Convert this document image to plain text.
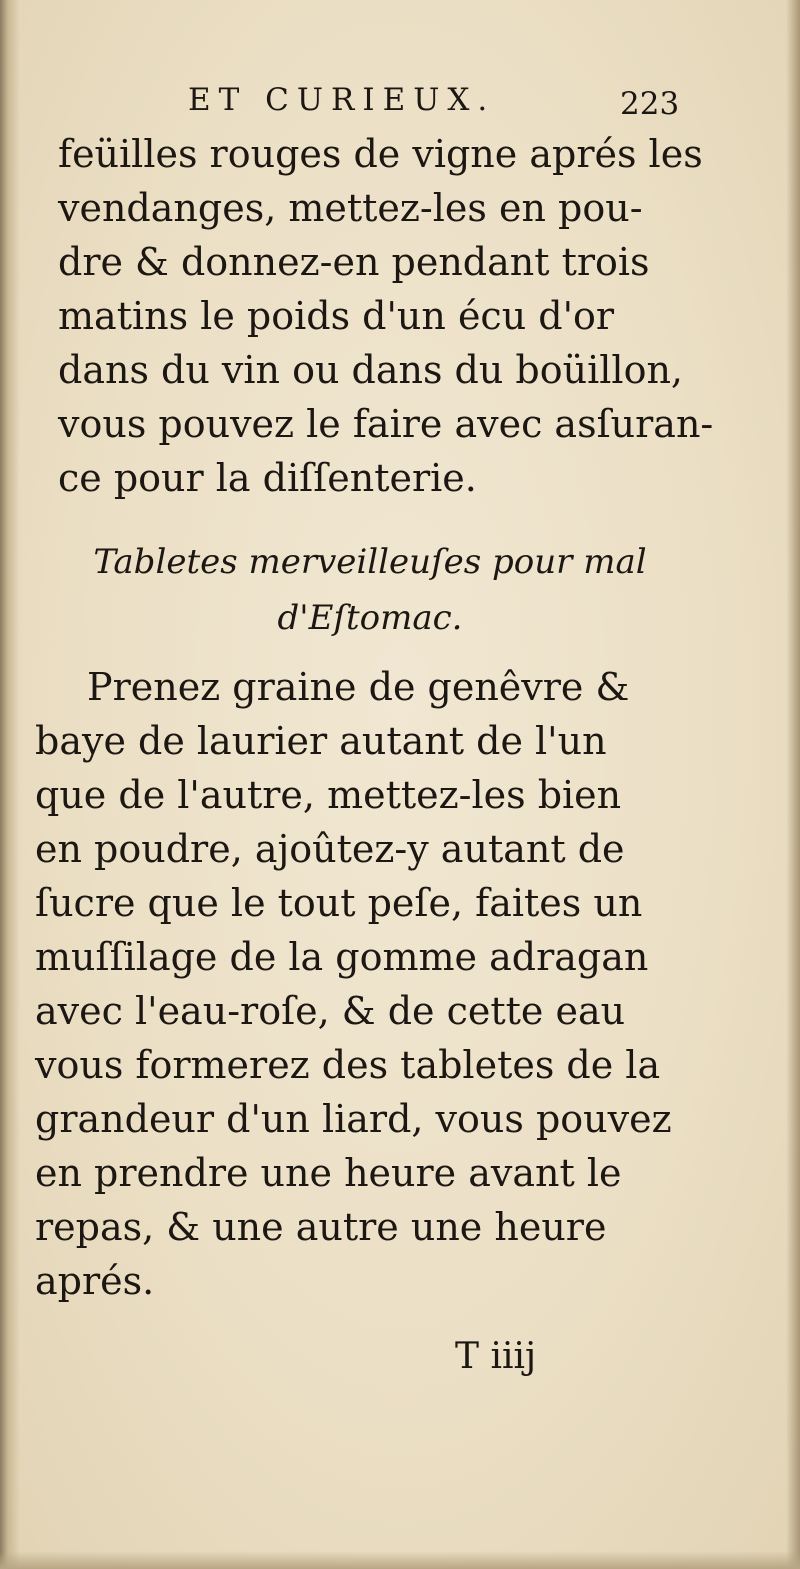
ET CURIEUX.	223
feüilles rouges de vigne aprés les
vendanges, mettez-les en pou-
dre & donnez-en pendant trois
matins le poids d'un écu d'or
dans du vin ou dans du boüillon,
vous pouvez le faire avec asſuran-
ce pour la diſſenterie.
Tabletes merveilleuſes pour mal
d'Eſtomac.
Prenez graine de genêvre &
baye de laurier autant de l'un
que de l'autre, mettez-les bien
en poudre, ajoûtez-y autant de
ſucre que le tout peſe, faites un
muſſilage de la gomme adragan
avec l'eau-roſe, & de cette eau
vous formerez des tabletes de la
grandeur d'un liard, vous pouvez
en prendre une heure avant le
repas, & une autre une heure
aprés.
T iiij
